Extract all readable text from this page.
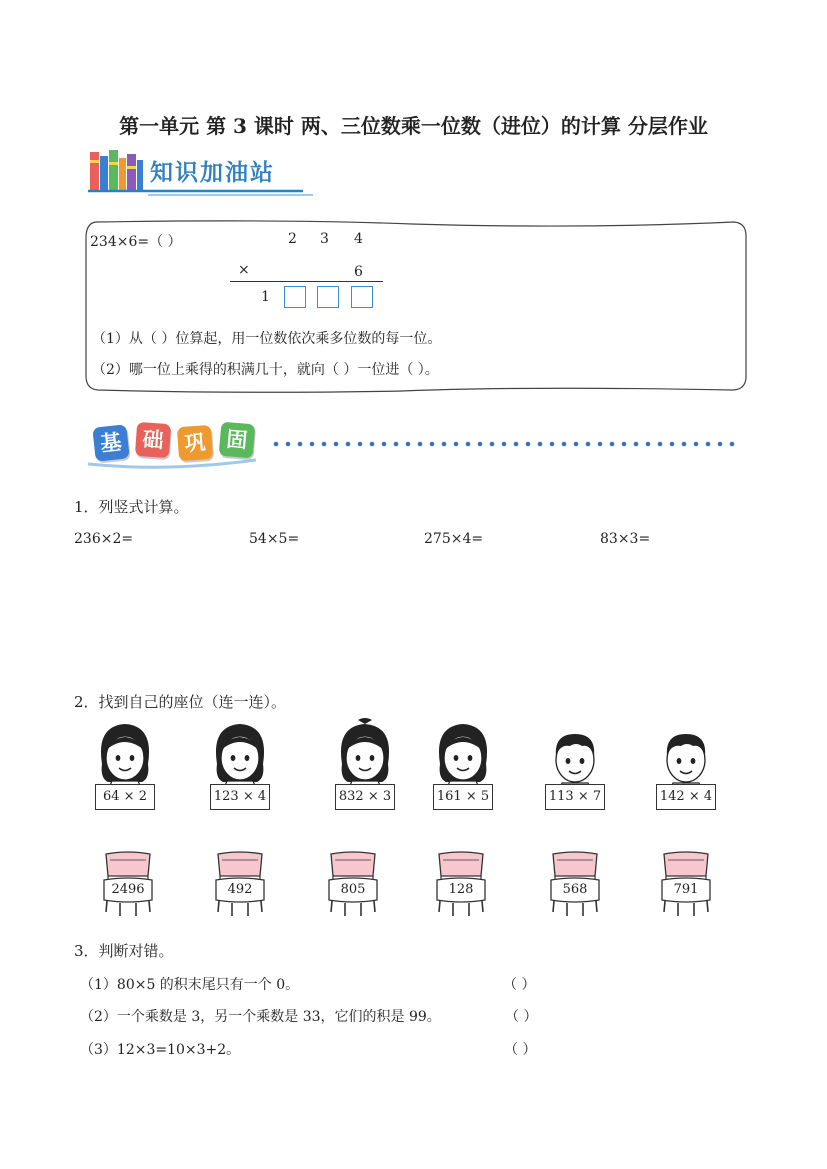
第一单元 第 3 课时 两、三位数乘一位数（进位）的计算 分层作业
知识加油站
234×6=（ ）	2 3 4
×	6
1
（1）从（ ）位算起，用一位数依次乘多位数的每一位。
（2）哪一位上乘得的积满几十，就向（ ）一位进（ ）。
基 础 巩 固
1．列竖式计算。
236×2=	54×5=	275×4=	83×3=
2．找到自己的座位（连一连）。
64 × 2	123 × 4	832 × 3	161 × 5	113 × 7	142 × 4
2496	492	805	128	568	791
3．判断对错。
（1）80×5 的积末尾只有一个 0。	（ ）
（2）一个乘数是 3，另一个乘数是 33，它们的积是 99。	（ ）
（3）12×3=10×3+2。	（ ）
